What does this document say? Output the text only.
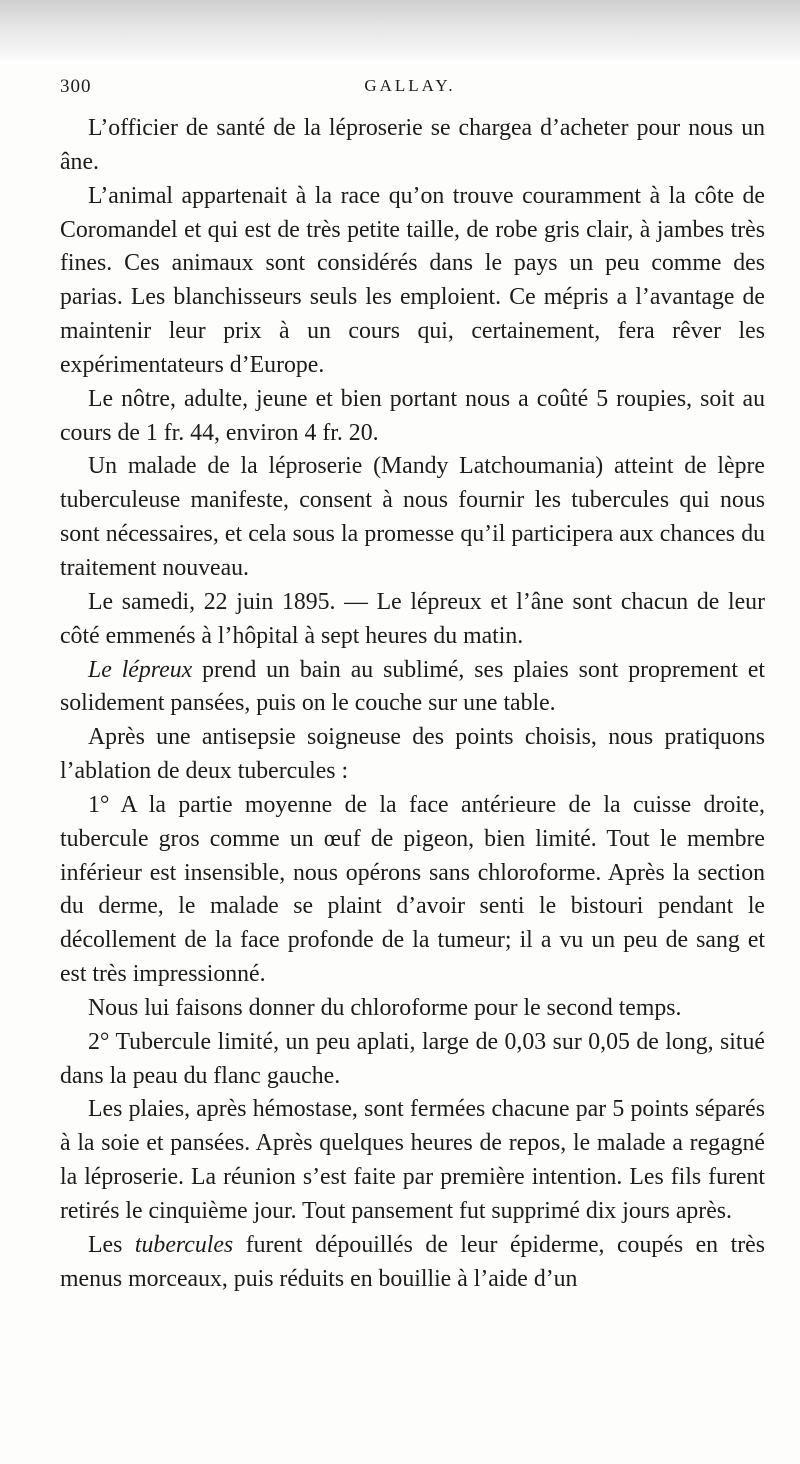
300	GALLAY.

L’officier de santé de la léproserie se chargea d’acheter pour nous un âne.

L’animal appartenait à la race qu’on trouve couramment à la côte de Coromandel et qui est de très petite taille, de robe gris clair, à jambes très fines. Ces animaux sont considérés dans le pays un peu comme des parias. Les blanchisseurs seuls les emploient. Ce mépris a l’avantage de maintenir leur prix à un cours qui, certainement, fera rêver les expérimentateurs d’Europe.

Le nôtre, adulte, jeune et bien portant nous a coûté 5 roupies, soit au cours de 1 fr. 44, environ 4 fr. 20.

Un malade de la léproserie (Mandy Latchoumania) atteint de lèpre tuberculeuse manifeste, consent à nous fournir les tubercules qui nous sont nécessaires, et cela sous la promesse qu’il participera aux chances du traitement nouveau.

Le samedi, 22 juin 1895. — Le lépreux et l’âne sont chacun de leur côté emmenés à l’hôpital à sept heures du matin.

Le lépreux prend un bain au sublimé, ses plaies sont proprement et solidement pansées, puis on le couche sur une table.

Après une antisepsie soigneuse des points choisis, nous pratiquons l’ablation de deux tubercules :

1° A la partie moyenne de la face antérieure de la cuisse droite, tubercule gros comme un œuf de pigeon, bien limité. Tout le membre inférieur est insensible, nous opérons sans chloroforme. Après la section du derme, le malade se plaint d’avoir senti le bistouri pendant le décollement de la face profonde de la tumeur; il a vu un peu de sang et est très impressionné.

Nous lui faisons donner du chloroforme pour le second temps.

2° Tubercule limité, un peu aplati, large de 0,03 sur 0,05 de long, situé dans la peau du flanc gauche.

Les plaies, après hémostase, sont fermées chacune par 5 points séparés à la soie et pansées. Après quelques heures de repos, le malade a regagné la léproserie. La réunion s’est faite par première intention. Les fils furent retirés le cinquième jour. Tout pansement fut supprimé dix jours après.

Les tubercules furent dépouillés de leur épiderme, coupés en très menus morceaux, puis réduits en bouillie à l’aide d’un
